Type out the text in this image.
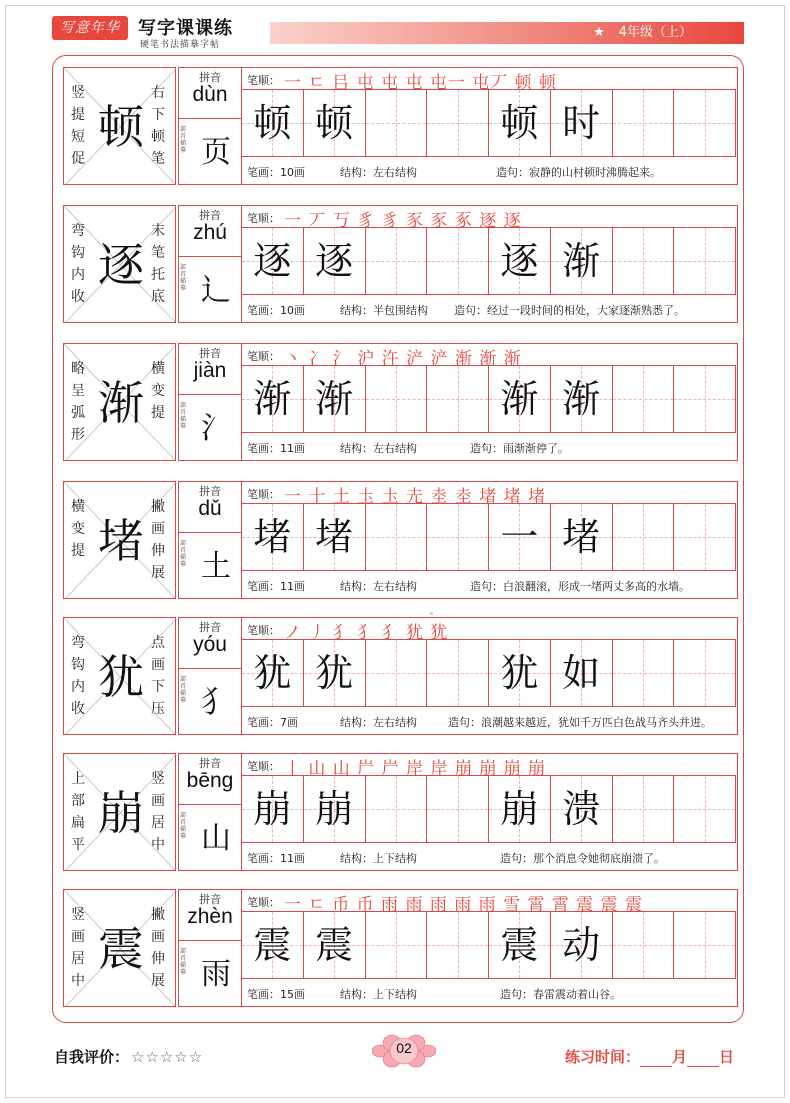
写意年华	写字课课练
硬笔书法描摹字帖
★ 4年级（上）
竖提短促
顿
右下顿笔
拼音
dùn
部首描摹 页
笔顺： 一 ㄷ 㠯 屯 屯 屯 屯一 屯丆 顿 顿
顿 顿	顿 时
笔画：10画	结构：左右结构	造句：寂静的山村顿时沸腾起来。
弯钩内收
逐
末笔托底
拼音
zhú
部首描摹 辶
笔顺： 一 丆 丂 豸 豸 豕 豕 豖 逐 逐
逐 逐	逐 渐
笔画：10画	结构：半包围结构 造句：经过一段时间的相处，大家逐渐熟悉了。
略呈弧形
渐
横变提
拼音
jiàn
部首描摹 氵
笔顺： 丶 冫 氵 沪 汻 浐 浐 渐 渐 渐
渐 渐	渐 渐
笔画：11画	结构：左右结构	造句：雨渐渐停了。
横变提 堵
撇画伸展
拼音
dǔ
部首描摹 土
笔顺： 一 十 土 圡 圡 圥 坴 坴 堵 堵 堵
堵 堵	一 堵
笔画：11画	结构：左右结构	造句：白浪翻滚，形成一堵两丈多高的水墙。
弯钩内收
犹
点画下压
拼音
yóu
部首描摹 犭
笔顺： ノ 丿 犭 犭 犭 犹 犹
犹 犹	犹 如
笔画：7画	结构：左右结构	造句：浪潮越来越近，犹如千万匹白色战马齐头并进。
上部扁平
崩
竖画居中
拼音
bēng
部首描摹 山
笔顺： 丨 山 山 屵 屵 岸 岸 崩 崩 崩 崩
崩 崩	崩 溃
笔画：11画	结构：上下结构	造句：那个消息令她彻底崩溃了。
竖画居中
震
撇画伸展
拼音
zhèn
部首描摹 雨
笔顺： 一 ㄷ 币 币 雨 雨 雨 雨 雨 雪 霄 霄 震 震 震
震 震	震 动
笔画：15画	结构：上下结构	造句：春雷震动着山谷。
自我评价： ☆☆☆☆☆	02	练习时间： 月 日
